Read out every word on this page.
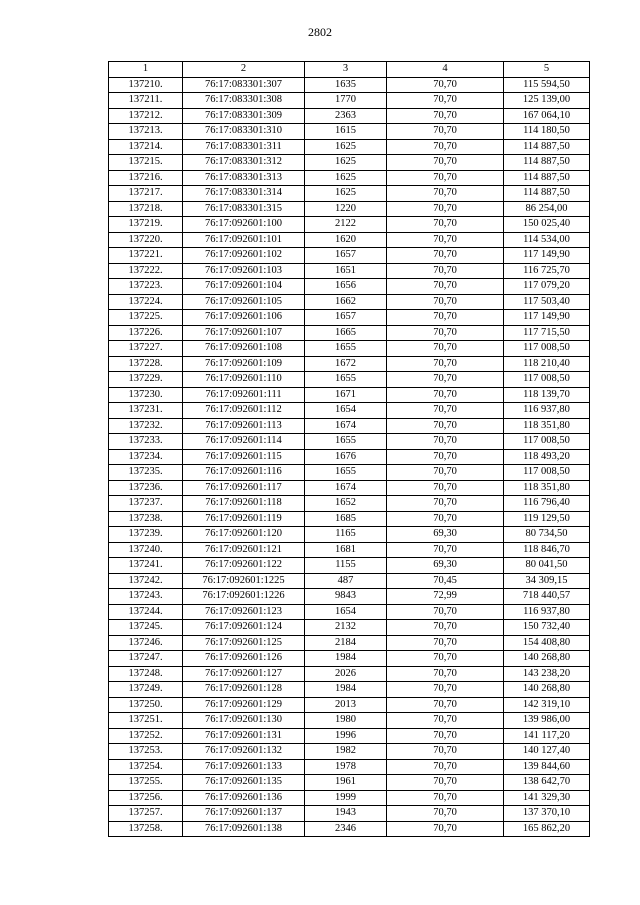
2802
1	2	3	4	5
137210.	76:17:083301:307	1635	70,70	115 594,50
137211.	76:17:083301:308	1770	70,70	125 139,00
137212.	76:17:083301:309	2363	70,70	167 064,10
137213.	76:17:083301:310	1615	70,70	114 180,50
137214.	76:17:083301:311	1625	70,70	114 887,50
137215.	76:17:083301:312	1625	70,70	114 887,50
137216.	76:17:083301:313	1625	70,70	114 887,50
137217.	76:17:083301:314	1625	70,70	114 887,50
137218.	76:17:083301:315	1220	70,70	86 254,00
137219.	76:17:092601:100	2122	70,70	150 025,40
137220.	76:17:092601:101	1620	70,70	114 534,00
137221.	76:17:092601:102	1657	70,70	117 149,90
137222.	76:17:092601:103	1651	70,70	116 725,70
137223.	76:17:092601:104	1656	70,70	117 079,20
137224.	76:17:092601:105	1662	70,70	117 503,40
137225.	76:17:092601:106	1657	70,70	117 149,90
137226.	76:17:092601:107	1665	70,70	117 715,50
137227.	76:17:092601:108	1655	70,70	117 008,50
137228.	76:17:092601:109	1672	70,70	118 210,40
137229.	76:17:092601:110	1655	70,70	117 008,50
137230.	76:17:092601:111	1671	70,70	118 139,70
137231.	76:17:092601:112	1654	70,70	116 937,80
137232.	76:17:092601:113	1674	70,70	118 351,80
137233.	76:17:092601:114	1655	70,70	117 008,50
137234.	76:17:092601:115	1676	70,70	118 493,20
137235.	76:17:092601:116	1655	70,70	117 008,50
137236.	76:17:092601:117	1674	70,70	118 351,80
137237.	76:17:092601:118	1652	70,70	116 796,40
137238.	76:17:092601:119	1685	70,70	119 129,50
137239.	76:17:092601:120	1165	69,30	80 734,50
137240.	76:17:092601:121	1681	70,70	118 846,70
137241.	76:17:092601:122	1155	69,30	80 041,50
137242.	76:17:092601:1225	487	70,45	34 309,15
137243.	76:17:092601:1226	9843	72,99	718 440,57
137244.	76:17:092601:123	1654	70,70	116 937,80
137245.	76:17:092601:124	2132	70,70	150 732,40
137246.	76:17:092601:125	2184	70,70	154 408,80
137247.	76:17:092601:126	1984	70,70	140 268,80
137248.	76:17:092601:127	2026	70,70	143 238,20
137249.	76:17:092601:128	1984	70,70	140 268,80
137250.	76:17:092601:129	2013	70,70	142 319,10
137251.	76:17:092601:130	1980	70,70	139 986,00
137252.	76:17:092601:131	1996	70,70	141 117,20
137253.	76:17:092601:132	1982	70,70	140 127,40
137254.	76:17:092601:133	1978	70,70	139 844,60
137255.	76:17:092601:135	1961	70,70	138 642,70
137256.	76:17:092601:136	1999	70,70	141 329,30
137257.	76:17:092601:137	1943	70,70	137 370,10
137258.	76:17:092601:138	2346	70,70	165 862,20
